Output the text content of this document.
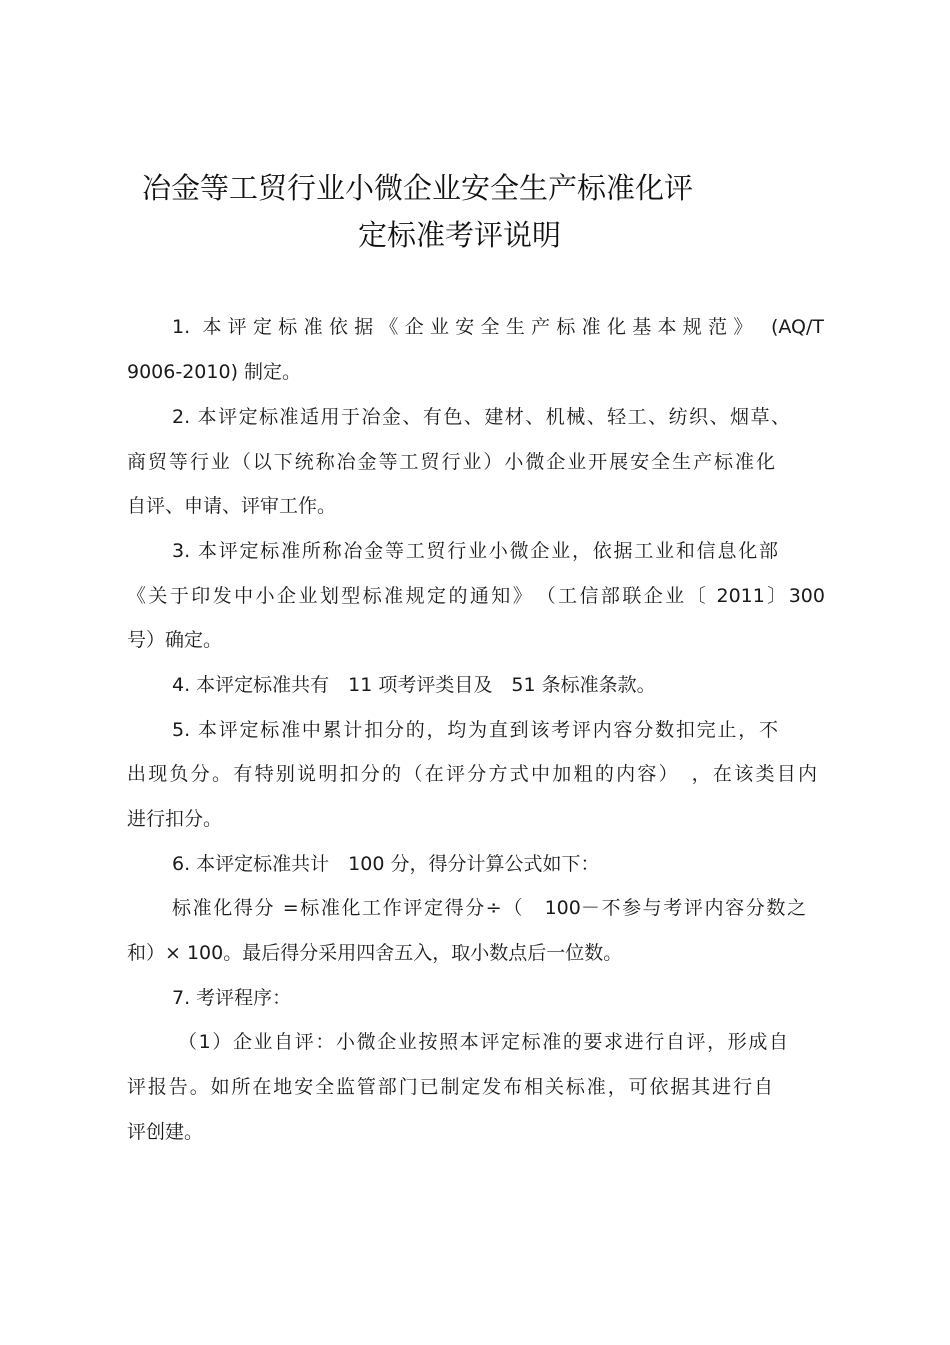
冶金等工贸行业小微企业安全生产标准化评
定标准考评说明
1. 本评定标准依据《企业安全生产标准化基本规范》 (AQ/T
9006-2010) 制定。
2. 本评定标准适用于冶金、有色、建材、机械、轻工、纺织、烟草、
商贸等行业（以下统称冶金等工贸行业）小微企业开展安全生产标准化
自评、申请、评审工作。
3. 本评定标准所称冶金等工贸行业小微企业，依据工业和信息化部
《关于印发中小企业划型标准规定的通知》　（工信部联企业〔 2011〕300
号）确定。
4. 本评定标准共有　11 项考评类目及　51 条标准条款。
5. 本评定标准中累计扣分的，均为直到该考评内容分数扣完止，不
出现负分。有特别说明扣分的（在评分方式中加粗的内容）　，在该类目内
进行扣分。
6. 本评定标准共计　100 分，得分计算公式如下：
标准化得分 =标准化工作评定得分÷（　100－不参与考评内容分数之
和）× 100。最后得分采用四舍五入，取小数点后一位数。
7. 考评程序：
（1）企业自评：小微企业按照本评定标准的要求进行自评，形成自
评报告。如所在地安全监管部门已制定发布相关标准，可依据其进行自
评创建。
